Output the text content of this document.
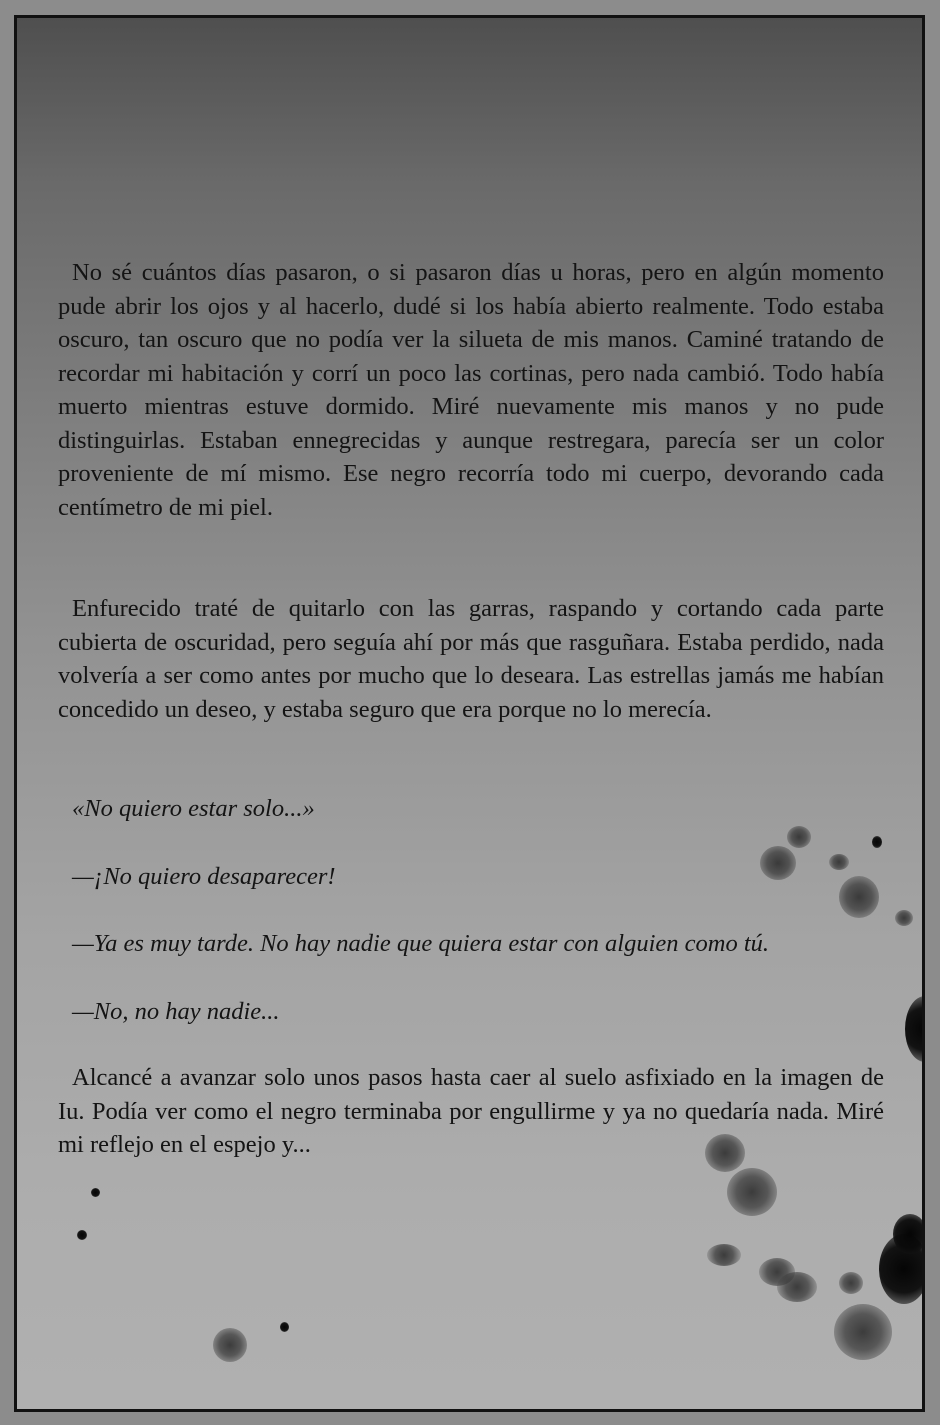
No sé cuántos días pasaron, o si pasaron días u horas, pero en algún momento pude abrir los ojos y al hacerlo, dudé si los había abierto realmente. Todo estaba oscuro, tan oscuro que no podía ver la silueta de mis manos. Caminé tratando de recordar mi habitación y corrí un poco las cortinas, pero nada cambió. Todo había muerto mientras estuve dormido. Miré nuevamente mis manos y no pude distinguirlas. Estaban ennegrecidas y aunque restregara, parecía ser un color proveniente de mí mismo. Ese negro recorría todo mi cuerpo, devorando cada centímetro de mi piel.

Enfurecido traté de quitarlo con las garras, raspando y cortando cada parte cubierta de oscuridad, pero seguía ahí por más que rasguñara. Estaba perdido, nada volvería a ser como antes por mucho que lo deseara. Las estrellas jamás me habían concedido un deseo, y estaba seguro que era porque no lo merecía.

«No quiero estar solo...»

—¡No quiero desaparecer!

—Ya es muy tarde. No hay nadie que quiera estar con alguien como tú.

—No, no hay nadie...

Alcancé a avanzar solo unos pasos hasta caer al suelo asfixiado en la imagen de Iu. Podía ver como el negro terminaba por engullirme y ya no quedaría nada. Miré mi reflejo en el espejo y...
